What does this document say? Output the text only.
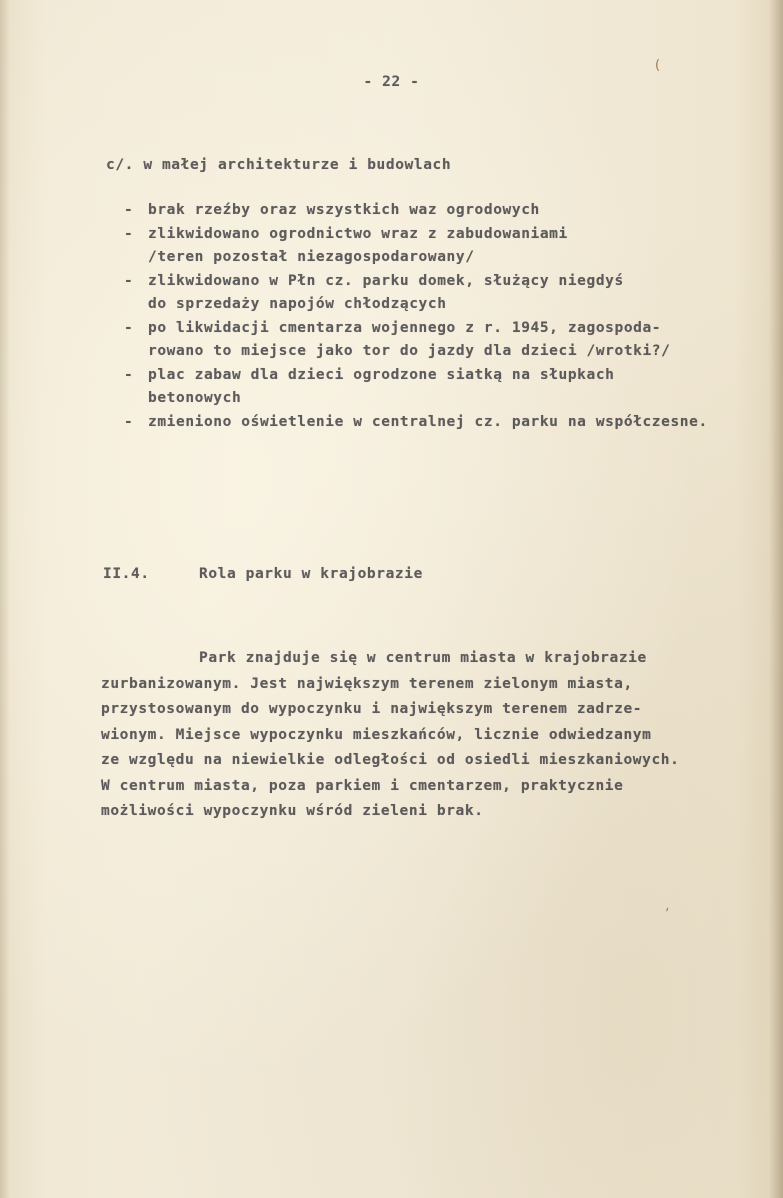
- 22 -
c/. w małej architekturze i budowlach
- brak rzeźby oraz wszystkich waz ogrodowych
- zlikwidowano ogrodnictwo wraz z zabudowaniami
/teren pozostał niezagospodarowany/
- zlikwidowano w Płn cz. parku domek, służący niegdyś
do sprzedaży napojów chłodzących
- po likwidacji cmentarza wojennego z r. 1945, zagospoda-
rowano to miejsce jako tor do jazdy dla dzieci /wrotki?/
- plac zabaw dla dzieci ogrodzone siatką na słupkach
betonowych
- zmieniono oświetlenie w centralnej cz. parku na współczesne.
II.4.	Rola parku w krajobrazie
Park znajduje się w centrum miasta w krajobrazie
zurbanizowanym. Jest największym terenem zielonym miasta,
przystosowanym do wypoczynku i największym terenem zadrze-
wionym. Miejsce wypoczynku mieszkańców, licznie odwiedzanym
ze względu na niewielkie odległości od osiedli mieszkaniowych.
W centrum miasta, poza parkiem i cmentarzem, praktycznie
możliwości wypoczynku wśród zieleni brak.
(
'
